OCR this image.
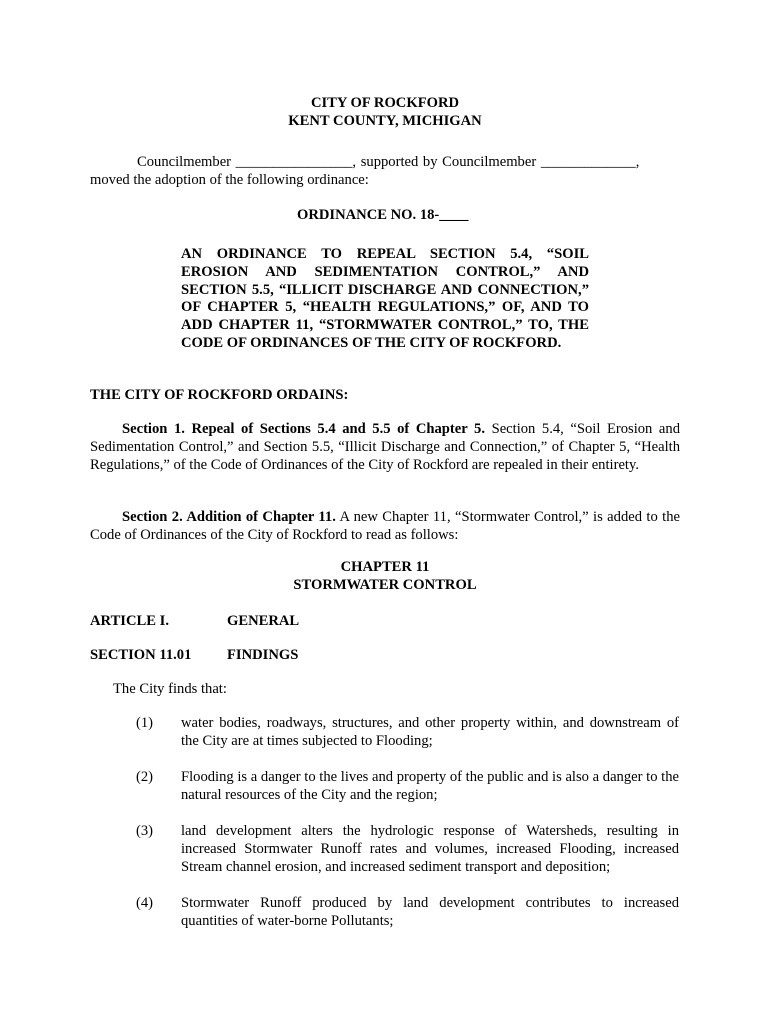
CITY OF ROCKFORD

KENT COUNTY, MICHIGAN

Councilmember ________________, supported by Councilmember _____________,

moved the adoption of the following ordinance:

ORDINANCE NO. 18-____

AN ORDINANCE TO REPEAL SECTION 5.4, “SOIL EROSION AND SEDIMENTATION CONTROL,” AND SECTION 5.5, “ILLICIT DISCHARGE AND CONNECTION,” OF CHAPTER 5, “HEALTH REGULATIONS,” OF, AND TO ADD CHAPTER 11, “STORMWATER CONTROL,” TO, THE CODE OF ORDINANCES OF THE CITY OF ROCKFORD.

THE CITY OF ROCKFORD ORDAINS:

Section 1. Repeal of Sections 5.4 and 5.5 of Chapter 5. Section 5.4, “Soil Erosion and Sedimentation Control,” and Section 5.5, “Illicit Discharge and Connection,” of Chapter 5, “Health Regulations,” of the Code of Ordinances of the City of Rockford are repealed in their entirety.

Section 2. Addition of Chapter 11. A new Chapter 11, “Stormwater Control,” is added to the Code of Ordinances of the City of Rockford to read as follows:

CHAPTER 11

STORMWATER CONTROL

ARTICLE I.	GENERAL

SECTION 11.01 FINDINGS

The City finds that:

(1) water bodies, roadways, structures, and other property within, and downstream of the City are at times subjected to Flooding;

(2) Flooding is a danger to the lives and property of the public and is also a danger to the natural resources of the City and the region;

(3) land development alters the hydrologic response of Watersheds, resulting in increased Stormwater Runoff rates and volumes, increased Flooding, increased Stream channel erosion, and increased sediment transport and deposition;

(4) Stormwater Runoff produced by land development contributes to increased quantities of water-borne Pollutants;
